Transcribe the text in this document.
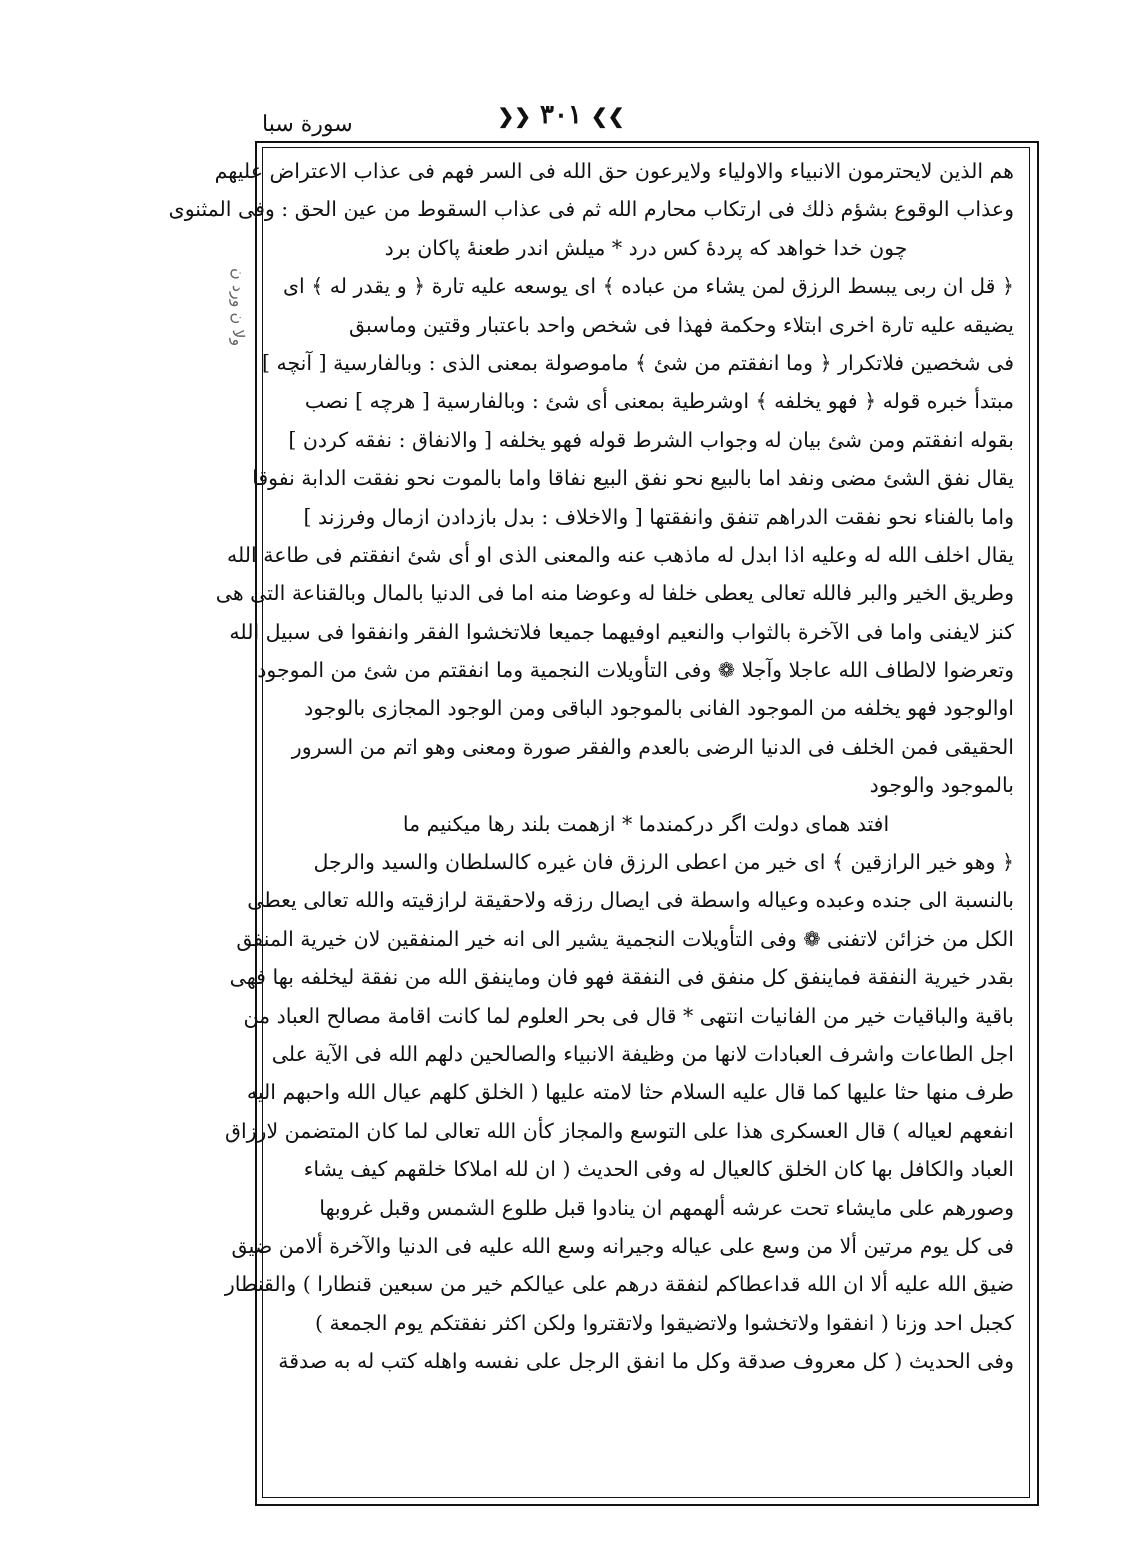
❯❯ ٣٠١ ❮❮
سورة سبا
ولا ن ورد ن
هم الذين لايحترمون الانبياء والاولياء ولايرعون حق الله فى السر فهم فى عذاب الاعتراض عليهم
وعذاب الوقوع بشؤم ذلك فى ارتكاب محارم الله ثم فى عذاب السقوط من عين الحق : وفى المثنوى
چون خدا خواهد كه پردۀ كس درد * ميلش اندر طعنۀ پاكان برد
﴿ قل ان ربى يبسط الرزق لمن يشاء من عباده ﴾ اى يوسعه عليه تارة ﴿ و يقدر له ﴾ اى
يضيقه عليه تارة اخرى ابتلاء وحكمة فهذا فى شخص واحد باعتبار وقتين وماسبق
فى شخصين فلاتكرار ﴿ وما انفقتم من شئ ﴾ ماموصولة بمعنى الذى : وبالفارسية [ آنچه ]
مبتدأ خبره قوله ﴿ فهو يخلفه ﴾ اوشرطية بمعنى أى شئ : وبالفارسية [ هرچه ] نصب
بقوله انفقتم ومن شئ بيان له وجواب الشرط قوله فهو يخلفه [ والانفاق : نفقه كردن ]
يقال نفق الشئ مضى ونفد اما بالبيع نحو نفق البيع نفاقا واما بالموت نحو نفقت الدابة نفوقا
واما بالفناء نحو نفقت الدراهم تنفق وانفقتها [ والاخلاف : بدل بازدادن ازمال وفرزند ]
يقال اخلف الله له وعليه اذا ابدل له ماذهب عنه والمعنى الذى او أى شئ انفقتم فى طاعة الله
وطريق الخير والبر فالله تعالى يعطى خلفا له وعوضا منه اما فى الدنيا بالمال وبالقناعة التى هى
كنز لايفنى واما فى الآخرة بالثواب والنعيم اوفيهما جميعا فلاتخشوا الفقر وانفقوا فى سبيل الله
وتعرضوا لالطاف الله عاجلا وآجلا ❁ وفى التأويلات النجمية وما انفقتم من شئ من الموجود
اوالوجود فهو يخلفه من الموجود الفانى بالموجود الباقى ومن الوجود المجازى بالوجود
الحقيقى فمن الخلف فى الدنيا الرضى بالعدم والفقر صورة ومعنى وهو اتم من السرور
بالموجود والوجود
افتد هماى دولت اگر دركمندما * ازهمت بلند رها ميكنيم ما
﴿ وهو خير الرازقين ﴾ اى خير من اعطى الرزق فان غيره كالسلطان والسيد والرجل
بالنسبة الى جنده وعبده وعياله واسطة فى ايصال رزقه ولاحقيقة لرازقيته والله تعالى يعطى
الكل من خزائن لاتفنى ❁ وفى التأويلات النجمية يشير الى انه خير المنفقين لان خيرية المنفق
بقدر خيرية النفقة فماينفق كل منفق فى النفقة فهو فان وماينفق الله من نفقة ليخلفه بها فهى
باقية والباقيات خير من الفانيات انتهى * قال فى بحر العلوم لما كانت اقامة مصالح العباد من
اجل الطاعات واشرف العبادات لانها من وظيفة الانبياء والصالحين دلهم الله فى الآية على
طرف منها حثا عليها كما قال عليه السلام حثا لامته عليها ( الخلق كلهم عيال الله واحبهم اليه
انفعهم لعياله ) قال العسكرى هذا على التوسع والمجاز كأن الله تعالى لما كان المتضمن لارزاق
العباد والكافل بها كان الخلق كالعيال له وفى الحديث ( ان لله املاكا خلقهم كيف يشاء
وصورهم على مايشاء تحت عرشه ألهمهم ان ينادوا قبل طلوع الشمس وقبل غروبها
فى كل يوم مرتين ألا من وسع على عياله وجيرانه وسع الله عليه فى الدنيا والآخرة ألامن ضيق
ضيق الله عليه ألا ان الله قداعطاكم لنفقة درهم على عيالكم خير من سبعين قنطارا ) والقنطار
كجبل احد وزنا ( انفقوا ولاتخشوا ولاتضيقوا ولاتقتروا ولكن اكثر نفقتكم يوم الجمعة )
وفى الحديث ( كل معروف صدقة وكل ما انفق الرجل على نفسه واهله كتب له به صدقة
